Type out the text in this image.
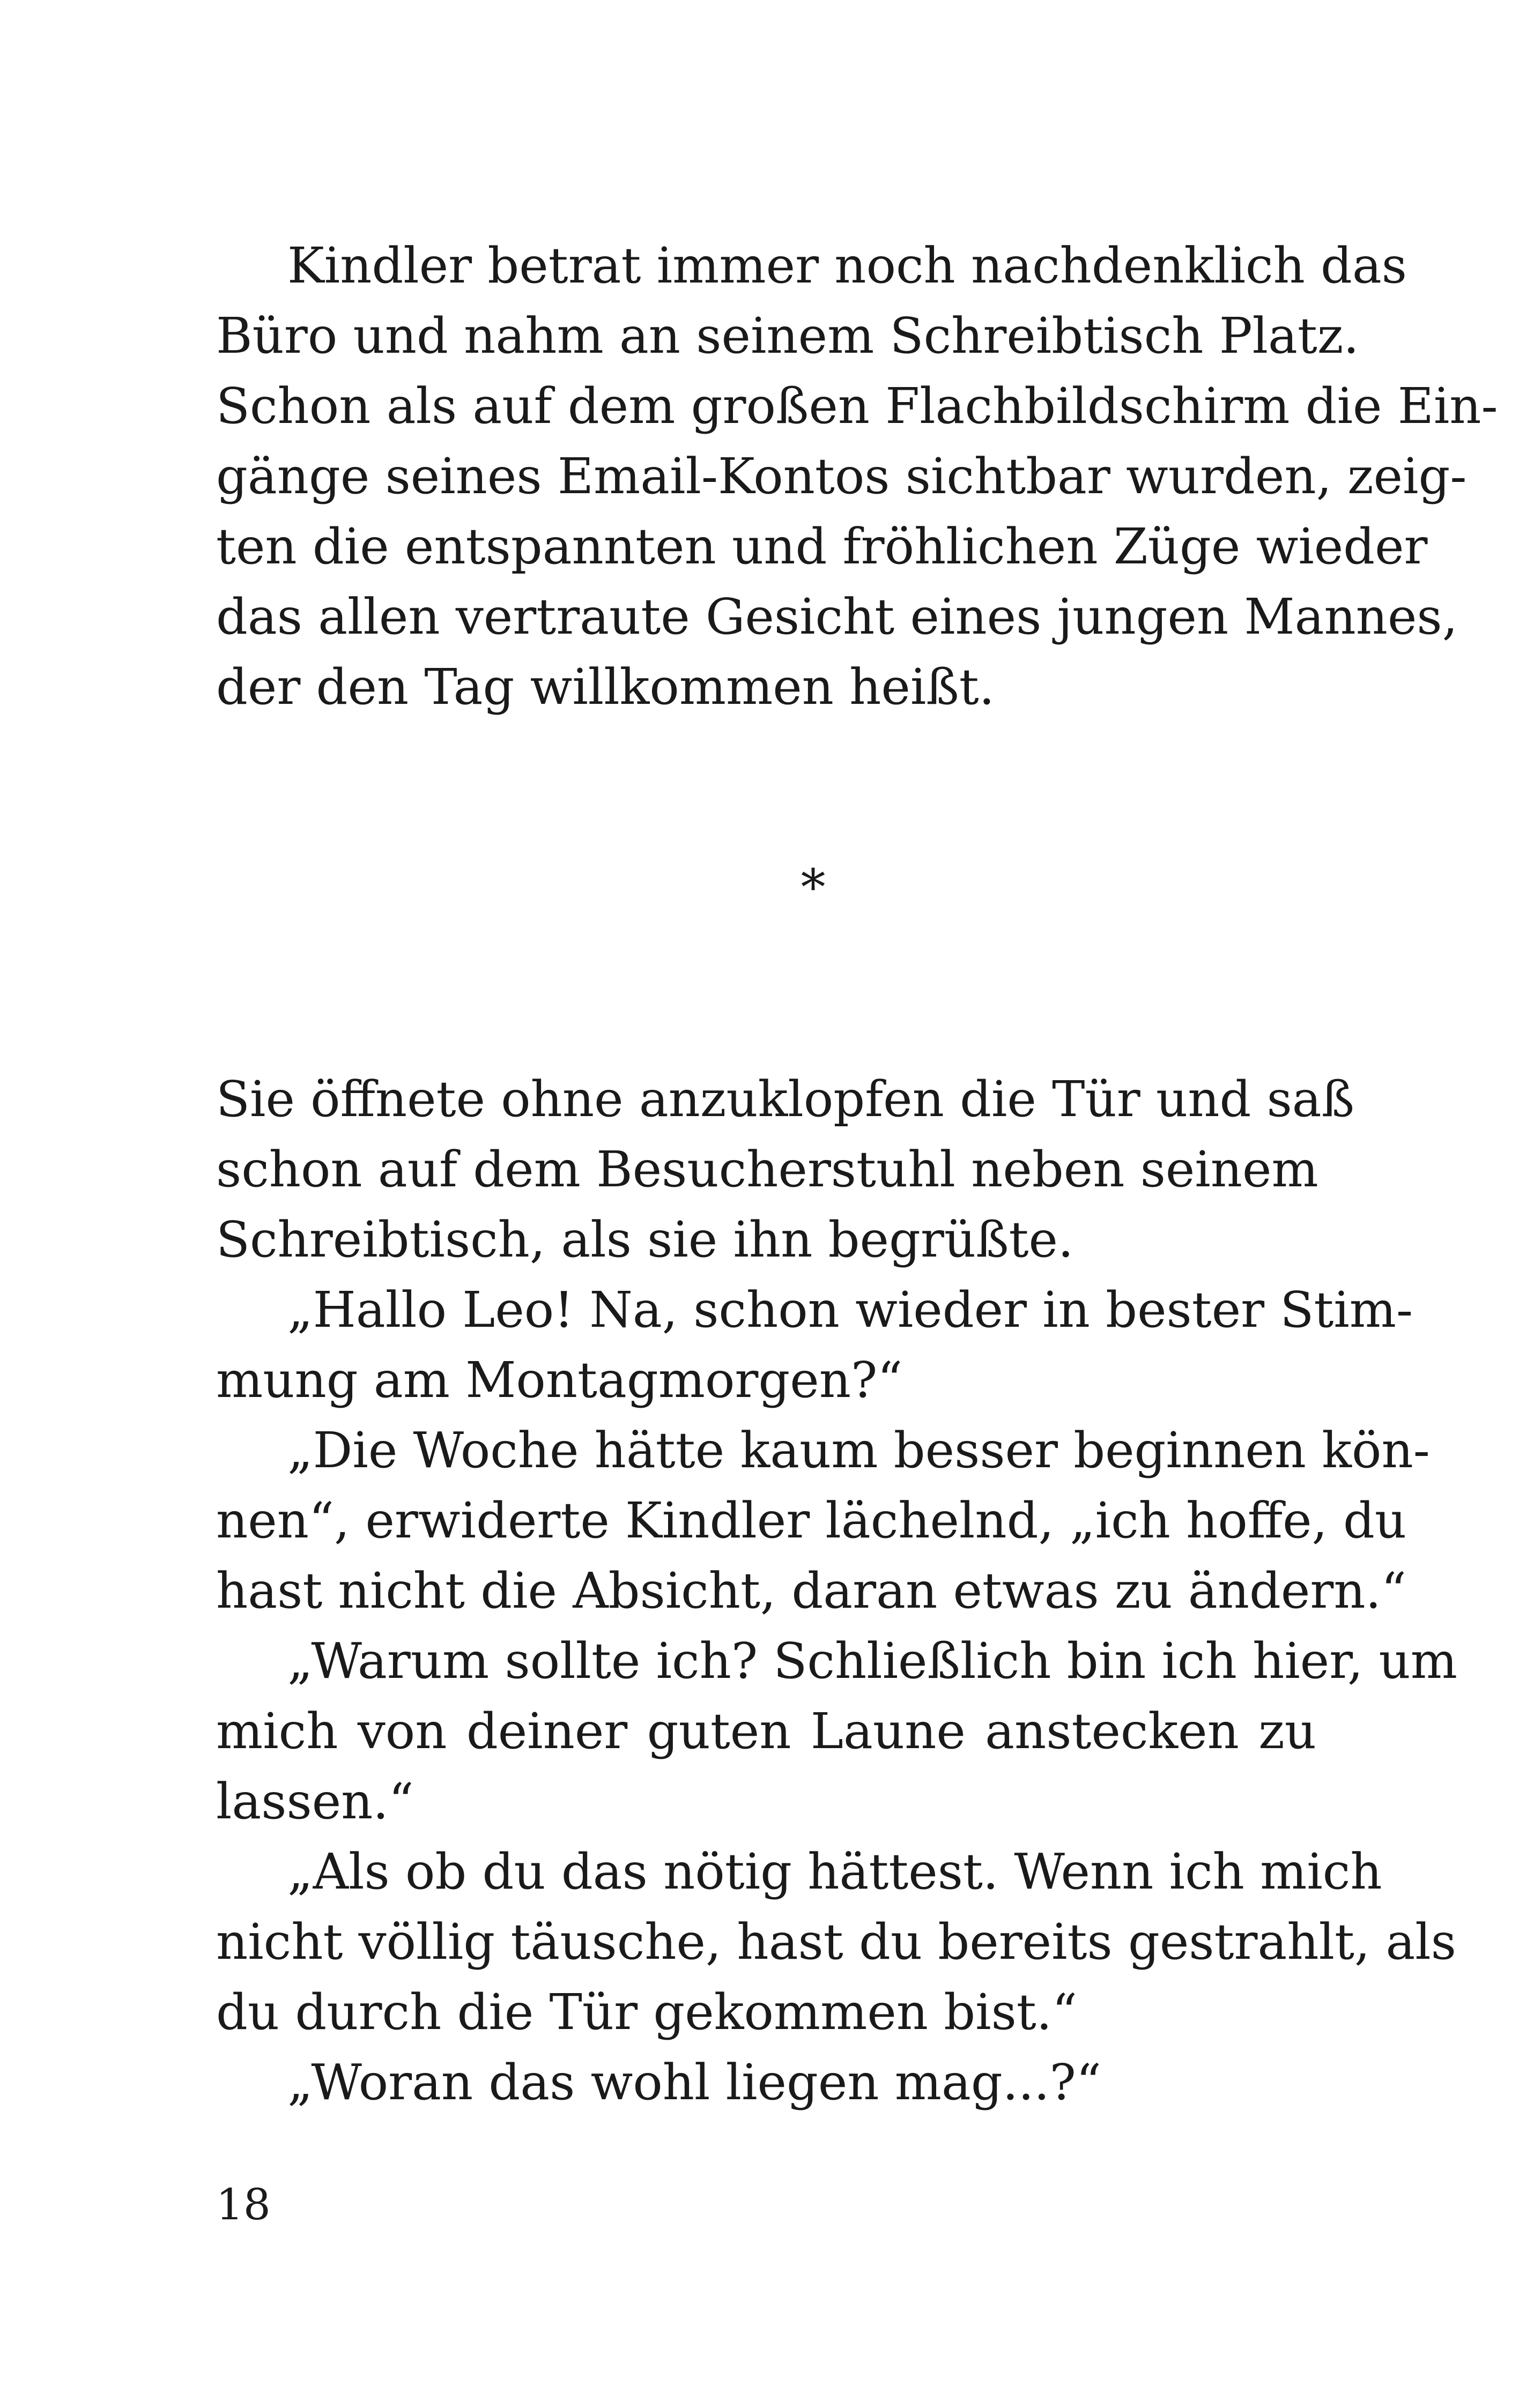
Kindler betrat immer noch nachdenklich das
Büro und nahm an seinem Schreibtisch Platz.
Schon als auf dem großen Flachbildschirm die Ein-
gänge seines Email-Kontos sichtbar wurden, zeig-
ten die entspannten und fröhlichen Züge wieder
das allen vertraute Gesicht eines jungen Mannes,
der den Tag willkommen heißt.
*
Sie öffnete ohne anzuklopfen die Tür und saß
schon auf dem Besucherstuhl neben seinem
Schreibtisch, als sie ihn begrüßte.
„Hallo Leo! Na, schon wieder in bester Stim-
mung am Montagmorgen?“
„Die Woche hätte kaum besser beginnen kön-
nen“, erwiderte Kindler lächelnd, „ich hoffe, du
hast nicht die Absicht, daran etwas zu ändern.“
„Warum sollte ich? Schließlich bin ich hier, um
mich von deiner guten Laune anstecken zu
lassen.“
„Als ob du das nötig hättest. Wenn ich mich
nicht völlig täusche, hast du bereits gestrahlt, als
du durch die Tür gekommen bist.“
„Woran das wohl liegen mag...?“
18
